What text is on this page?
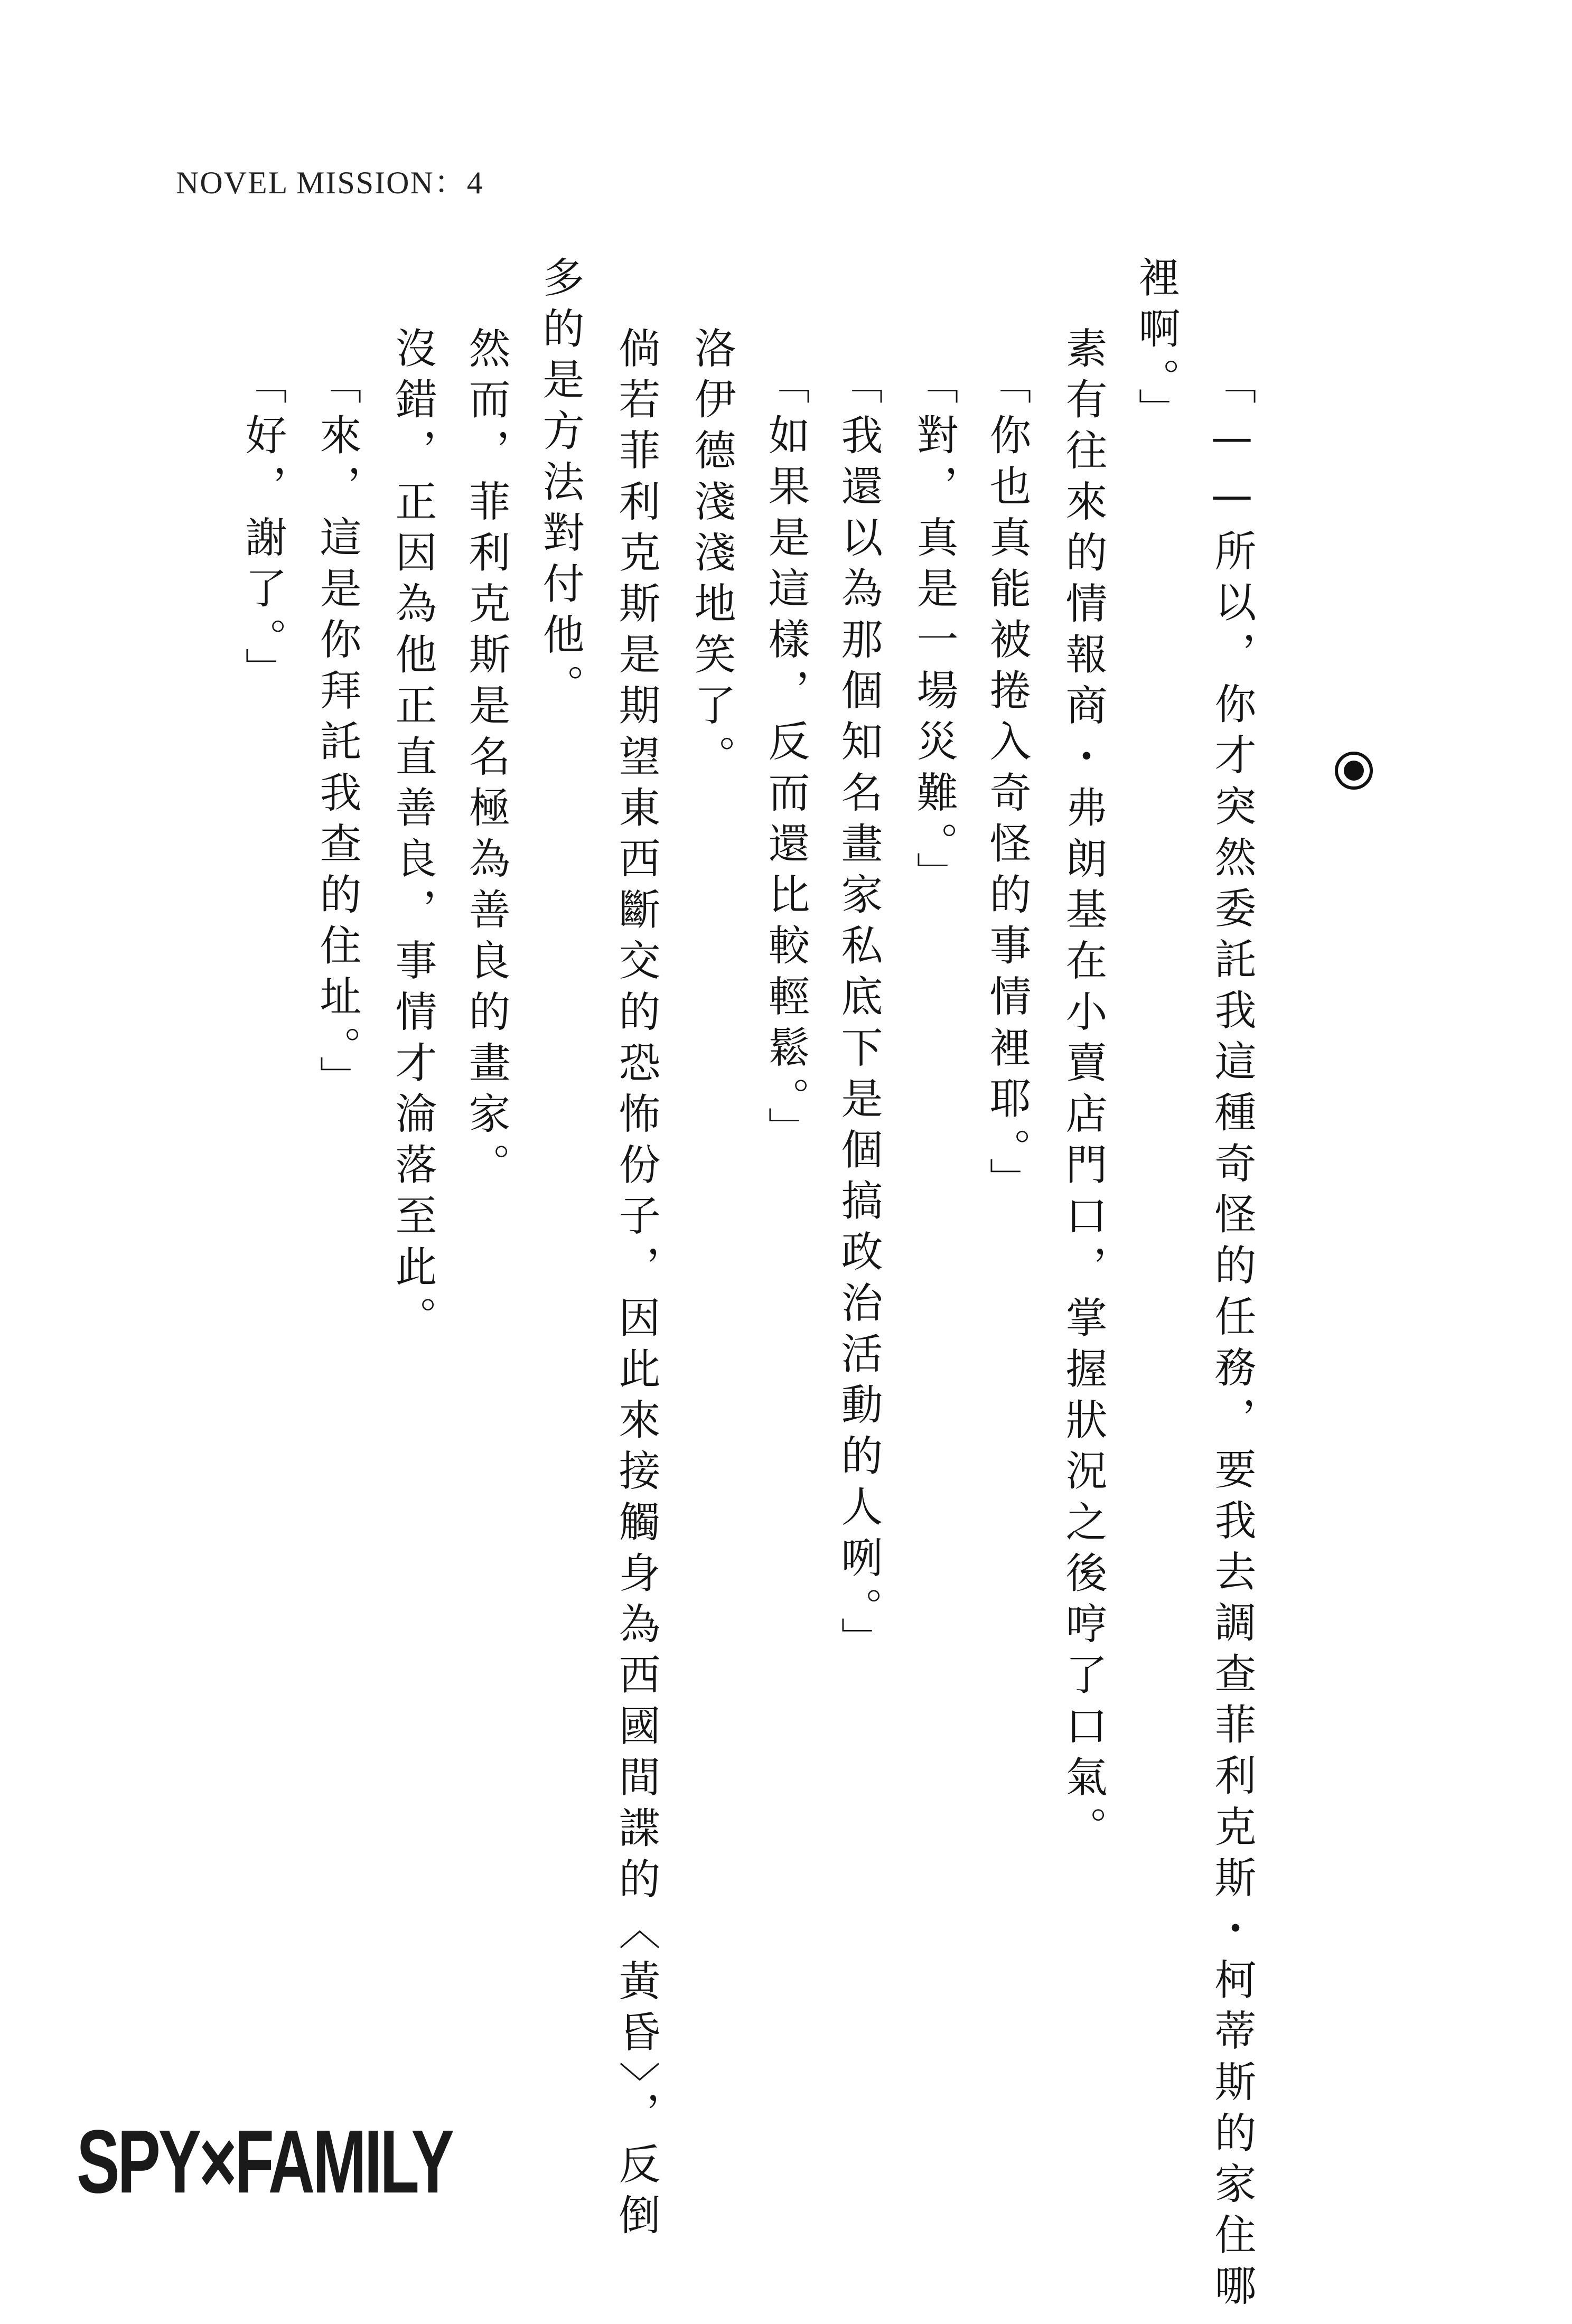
NOVEL MISSION：4
「——所以，你才突然委託我這種奇怪的任務，要我去調查菲利克斯・柯蒂斯的家住哪
裡啊。」
素有往來的情報商・弗朗基在小賣店門口，掌握狀況之後哼了口氣。
「你也真能被捲入奇怪的事情裡耶。」
「對，真是一場災難。」
「我還以為那個知名畫家私底下是個搞政治活動的人咧。」
「如果是這樣，反而還比較輕鬆。」
洛伊德淺淺地笑了。
倘若菲利克斯是期望東西斷交的恐怖份子，因此來接觸身為西國間諜的〈黃昏〉，反倒
多的是方法對付他。
然而，菲利克斯是名極為善良的畫家。
沒錯，正因為他正直善良，事情才淪落至此。
「來，這是你拜託我查的住址。」
「好，謝了。」
SPY×FAMILY
